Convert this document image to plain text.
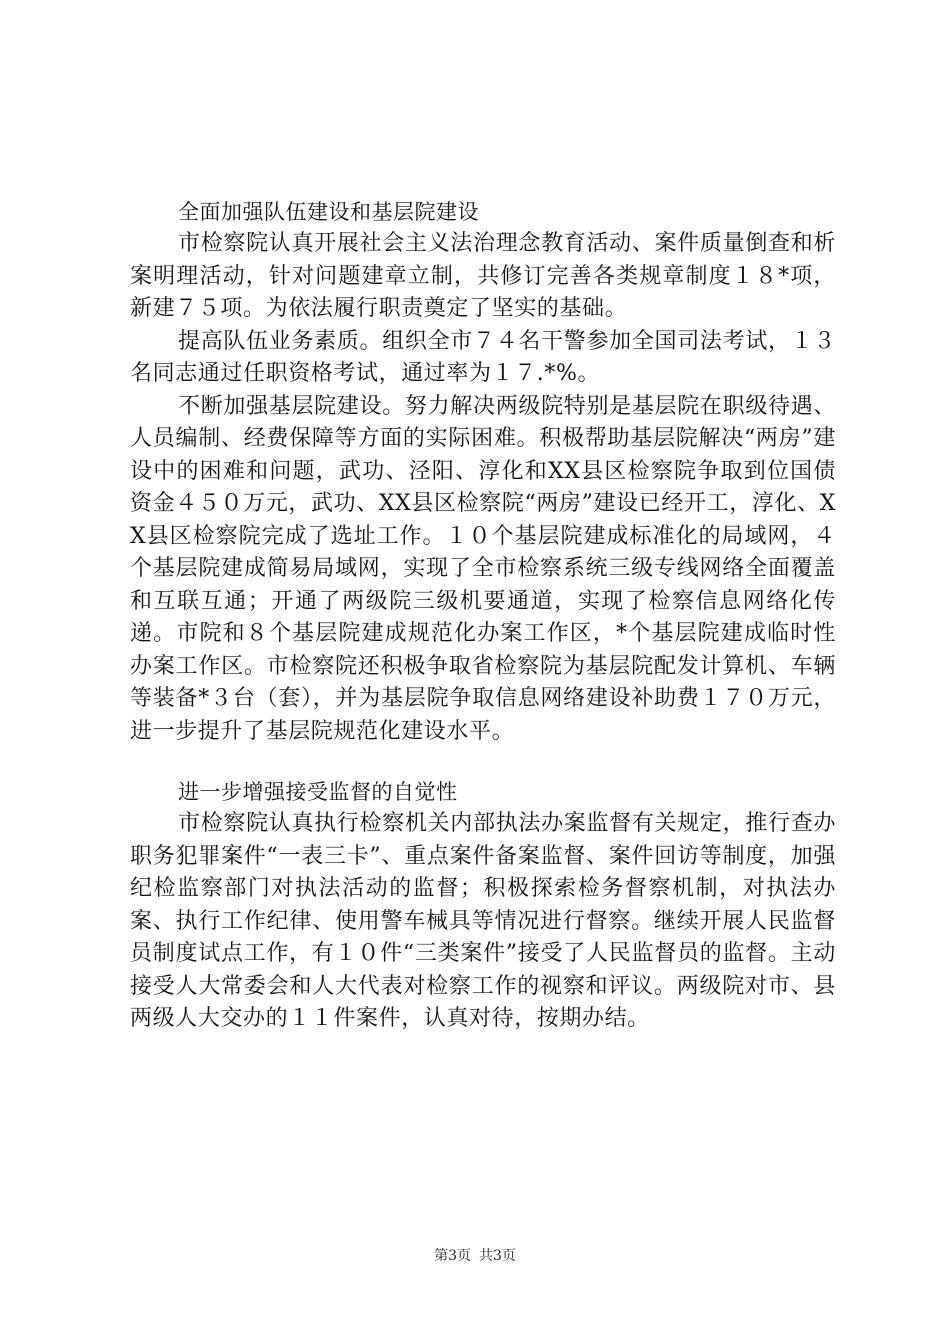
全面加强队伍建设和基层院建设

市检察院认真开展社会主义法治理念教育活动、案件质量倒查和析案明理活动，针对问题建章立制，共修订完善各类规章制度１８*项，新建７５项。为依法履行职责奠定了坚实的基础。

提高队伍业务素质。组织全市７４名干警参加全国司法考试，１３名同志通过任职资格考试，通过率为１７.*%。

不断加强基层院建设。努力解决两级院特别是基层院在职级待遇、人员编制、经费保障等方面的实际困难。积极帮助基层院解决“两房”建设中的困难和问题，武功、泾阳、淳化和XX县区检察院争取到位国债资金４５０万元，武功、XX县区检察院“两房”建设已经开工，淳化、XX县区检察院完成了选址工作。１０个基层院建成标准化的局域网，４个基层院建成简易局域网，实现了全市检察系统三级专线网络全面覆盖和互联互通；开通了两级院三级机要通道，实现了检察信息网络化传递。市院和８个基层院建成规范化办案工作区，*个基层院建成临时性办案工作区。市检察院还积极争取省检察院为基层院配发计算机、车辆等装备*３台（套），并为基层院争取信息网络建设补助费１７０万元，进一步提升了基层院规范化建设水平。

进一步增强接受监督的自觉性

市检察院认真执行检察机关内部执法办案监督有关规定，推行查办职务犯罪案件“一表三卡”、重点案件备案监督、案件回访等制度，加强纪检监察部门对执法活动的监督；积极探索检务督察机制，对执法办案、执行工作纪律、使用警车械具等情况进行督察。继续开展人民监督员制度试点工作，有１０件“三类案件”接受了人民监督员的监督。主动接受人大常委会和人大代表对检察工作的视察和评议。两级院对市、县两级人大交办的１１件案件，认真对待，按期办结。

第3页 共3页
